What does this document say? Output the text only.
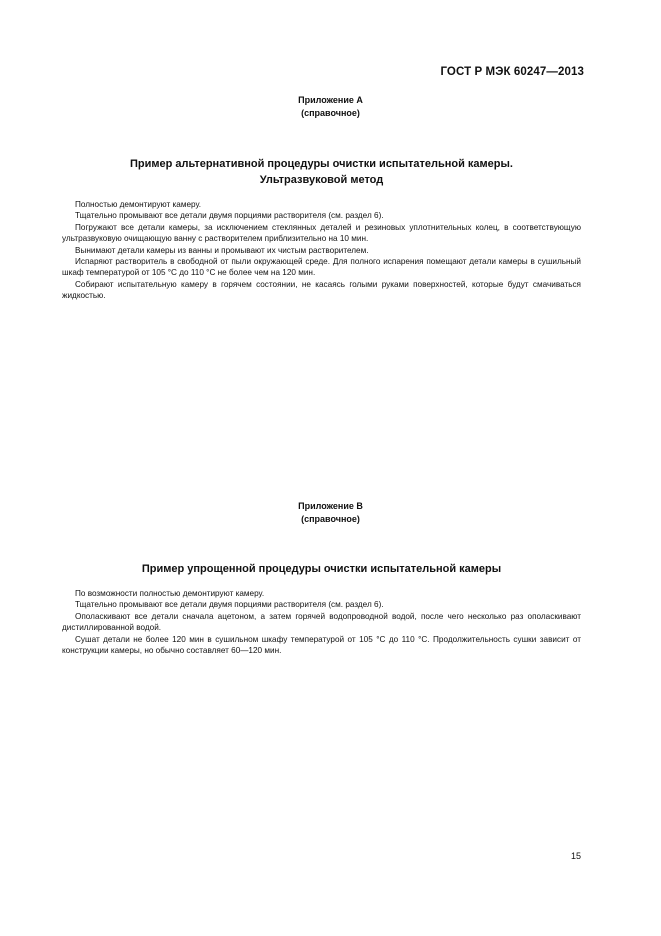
ГОСТ Р МЭК 60247—2013
Приложение А
(справочное)
Пример альтернативной процедуры очистки испытательной камеры.
Ультразвуковой метод

Полностью демонтируют камеру.

Тщательно промывают все детали двумя порциями растворителя (см. раздел 6).

Погружают все детали камеры, за исключением стеклянных деталей и резиновых уплотнительных колец, в соответствующую ультразвуковую очищающую ванну с растворителем приблизительно на 10 мин.

Вынимают детали камеры из ванны и промывают их чистым растворителем.

Испаряют растворитель в свободной от пыли окружающей среде. Для полного испарения помещают детали камеры в сушильный шкаф температурой от 105 °С до 110 °С не более чем на 120 мин.

Собирают испытательную камеру в горячем состоянии, не касаясь голыми руками поверхностей, которые будут смачиваться жидкостью.

Приложение В
(справочное)
Пример упрощенной процедуры очистки испытательной камеры

По возможности полностью демонтируют камеру.

Тщательно промывают все детали двумя порциями растворителя (см. раздел 6).

Ополаскивают все детали сначала ацетоном, а затем горячей водопроводной водой, после чего несколько раз ополаскивают дистиллированной водой.

Сушат детали не более 120 мин в сушильном шкафу температурой от 105 °С до 110 °С. Продолжительность сушки зависит от конструкции камеры, но обычно составляет 60—120 мин.

15
